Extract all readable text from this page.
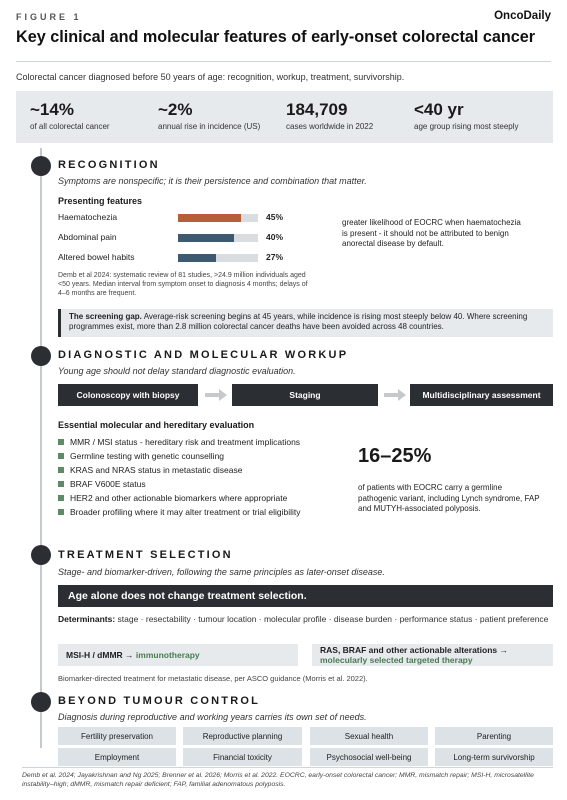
FIGURE 1	OncoDaily
Key clinical and molecular features of early-onset colorectal cancer
Colorectal cancer diagnosed before 50 years of age: recognition, workup, treatment, survivorship.
~14%
of all colorectal cancer
~2%
annual rise in incidence (US)
184,709
cases worldwide in 2022
<40 yr
age group rising most steeply
RECOGNITION
Symptoms are nonspecific; it is their persistence and combination that matter.
Presenting features
Haematochezia	45%
Abdominal pain	40%
Altered bowel habits	27%
greater likelihood of EOCRC when haematochezia is present - it should not be attributed to benign anorectal disease by default.
Demb et al 2024: systematic review of 81 studies, >24.9 million individuals aged <50 years. Median interval from symptom onset to diagnosis 4 months; delays of 4–6 months are frequent.
The screening gap. Average-risk screening begins at 45 years, while incidence is rising most steeply below 40. Where screening programmes exist, more than 2.8 million colorectal cancer deaths have been avoided across 48 countries.
DIAGNOSTIC AND MOLECULAR WORKUP
Young age should not delay standard diagnostic evaluation.
Colonoscopy with biopsy	Staging	Multidisciplinary assessment
Essential molecular and hereditary evaluation
MMR / MSI status - hereditary risk and treatment implications
Germline testing with genetic counselling
KRAS and NRAS status in metastatic disease
BRAF V600E status
HER2 and other actionable biomarkers where appropriate
Broader profiling where it may alter treatment or trial eligibility
16–25%
of patients with EOCRC carry a germline pathogenic variant, including Lynch syndrome, FAP and MUTYH-associated polyposis.
TREATMENT SELECTION
Stage- and biomarker-driven, following the same principles as later-onset disease.
Age alone does not change treatment selection.
Determinants: stage · resectability · tumour location · molecular profile · disease burden · performance status · patient preference
MSI-H / dMMR → immunotherapy	RAS, BRAF and other actionable alterations →
molecularly selected targeted therapy
Biomarker-directed treatment for metastatic disease, per ASCO guidance (Morris et al. 2022).
BEYOND TUMOUR CONTROL
Diagnosis during reproductive and working years carries its own set of needs.
Fertility preservation	Reproductive planning	Sexual health	Parenting
Employment	Financial toxicity	Psychosocial well-being	Long-term survivorship
Demb et al. 2024; Jayakrishnan and Ng 2025; Brenner et al. 2026; Morris et al. 2022. EOCRC, early-onset colorectal cancer; MMR, mismatch repair; MSI-H, microsatellite instability–high; dMMR, mismatch repair deficient; FAP, familial adenomatous polyposis.
